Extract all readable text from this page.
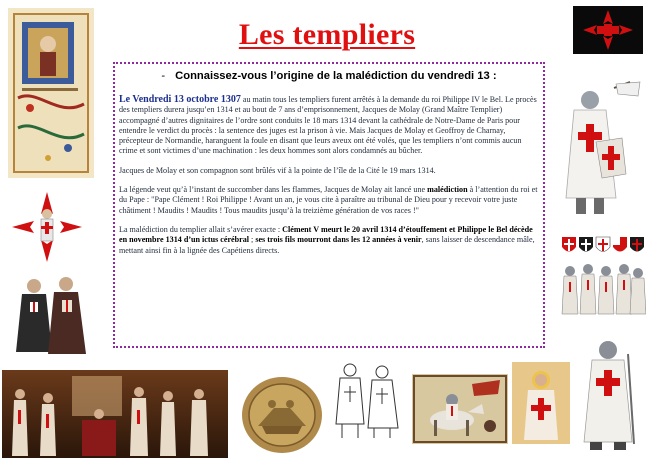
Les templiers
- Connaissez-vous l’origine de la malédiction du vendredi 13 :

Le Vendredi 13 octobre 1307 au matin tous les templiers furent arrêtés à la demande du roi Philippe IV le Bel. Le procès des templiers durera jusqu’en 1314 et au bout de 7 ans d’emprisonnement, Jacques de Molay (Grand Maître Templier) accompagné d’autres dignitaires de l’ordre sont conduits le 18 mars 1314 devant la cathédrale de Notre-Dame de Paris pour entendre le verdict du procès : la sentence des juges est la prison à vie. Mais Jacques de Molay et Geoffroy de Charnay, précepteur de Normandie, haranguent la foule en disant que leurs aveux ont été volés, que les templiers n’ont commis aucun crime et sont victimes d’une machination : les deux hommes sont alors condamnés au bûcher.

Jacques de Molay et son compagnon sont brûlés vif à la pointe de l’île de la Cité le 19 mars 1314.

La légende veut qu’à l’instant de succomber dans les flammes, Jacques de Molay ait lancé une malédiction à l’attention du roi et du Pape : "Pape Clément ! Roi Philippe ! Avant un an, je vous cite à paraître au tribunal de Dieu pour y recevoir votre juste châtiment ! Maudits ! Maudits ! Tous maudits jusqu’à la treizième génération de vos races !"

La malédiction du templier allait s’avérer exacte : Clément V meurt le 20 avril 1314 d’étouffement et Philippe le Bel décède en novembre 1314 d’un ictus cérébral ; ses trois fils mourront dans les 12 années à venir, sans laisser de descendance mâle, mettant ainsi fin à la lignée des Capétiens directs.
